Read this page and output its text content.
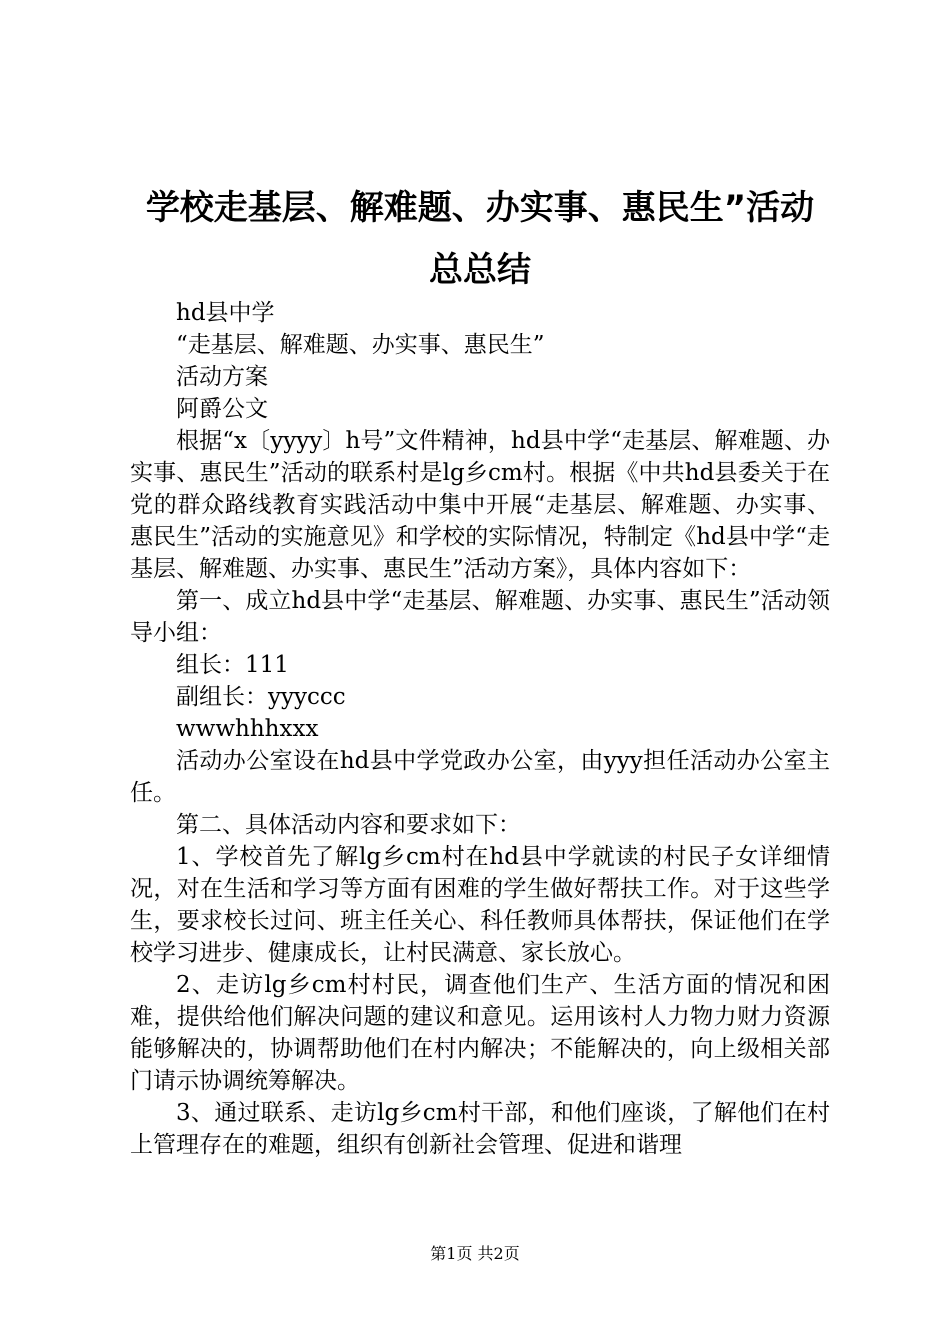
学校走基层、解难题、办实事、惠民生”活动
总总结

hd县中学

“走基层、解难题、办实事、惠民生”

活动方案

阿爵公文

根据“x〔yyyy〕h号”文件精神，hd县中学“走基层、解难题、办实事、惠民生”活动的联系村是lg乡cm村。根据《中共hd县委关于在党的群众路线教育实践活动中集中开展“走基层、解难题、办实事、惠民生”活动的实施意见》和学校的实际情况，特制定《hd县中学“走基层、解难题、办实事、惠民生”活动方案》，具体内容如下：

第一、成立hd县中学“走基层、解难题、办实事、惠民生”活动领导小组：

组长：111

副组长：yyyccc

wwwhhhxxx

活动办公室设在hd县中学党政办公室，由yyy担任活动办公室主任。

第二、具体活动内容和要求如下：

1、学校首先了解lg乡cm村在hd县中学就读的村民子女详细情况，对在生活和学习等方面有困难的学生做好帮扶工作。对于这些学生，要求校长过问、班主任关心、科任教师具体帮扶，保证他们在学校学习进步、健康成长，让村民满意、家长放心。

2、走访lg乡cm村村民，调查他们生产、生活方面的情况和困难，提供给他们解决问题的建议和意见。运用该村人力物力财力资源能够解决的，协调帮助他们在村内解决；不能解决的，向上级相关部门请示协调统筹解决。

3、通过联系、走访lg乡cm村干部，和他们座谈，了解他们在村上管理存在的难题，组织有创新社会管理、促进和谐理

第1页 共2页
